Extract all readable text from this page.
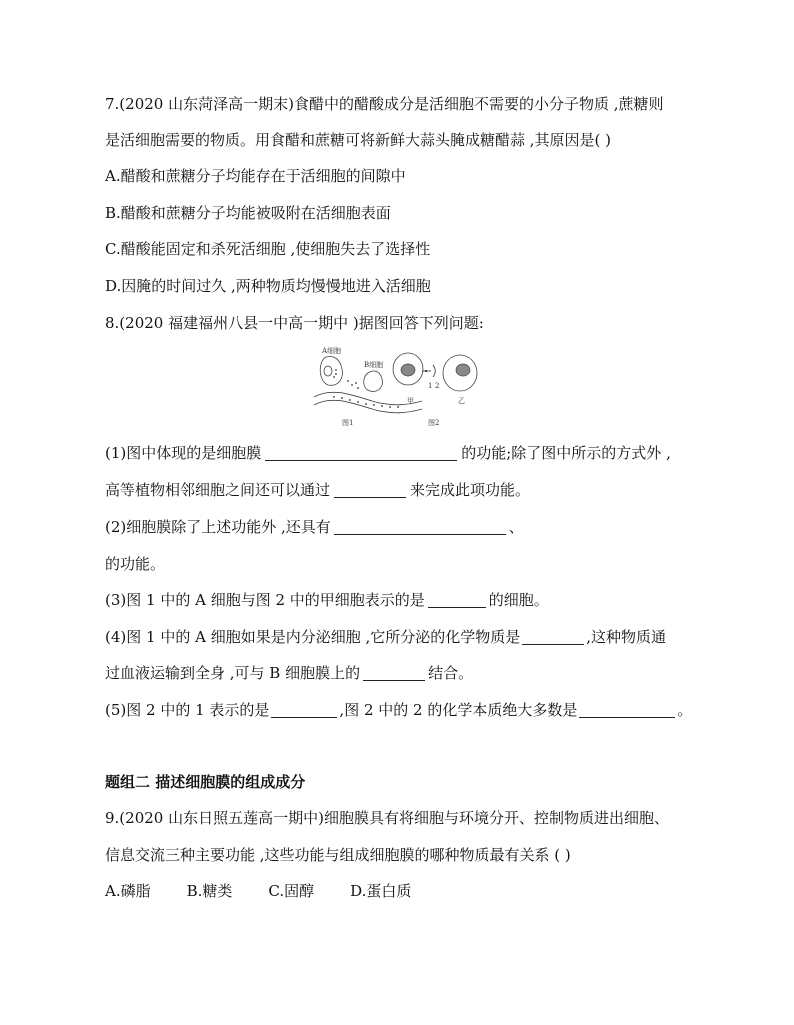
7.(2020 山东菏泽高一期末)食醋中的醋酸成分是活细胞不需要的小分子物质 ,蔗糖则
是活细胞需要的物质。用食醋和蔗糖可将新鲜大蒜头腌成糖醋蒜 ,其原因是( )
A.醋酸和蔗糖分子均能存在于活细胞的间隙中
B.醋酸和蔗糖分子均能被吸附在活细胞表面
C.醋酸能固定和杀死活细胞 ,使细胞失去了选择性
D.因腌的时间过久 ,两种物质均慢慢地进入活细胞
8.(2020 福建福州八县一中高一期中 )据图回答下列问题:
A细胞
B细胞
图1
1 2
甲	乙
图2
(1)图中体现的是细胞膜	的功能;除了图中所示的方式外 ,
高等植物相邻细胞之间还可以通过	来完成此项功能。
(2)细胞膜除了上述功能外 ,还具有	、
的功能。
(3)图 1 中的 A 细胞与图 2 中的甲细胞表示的是	的细胞。
(4)图 1 中的 A 细胞如果是内分泌细胞 ,它所分泌的化学物质是	,这种物质通
过血液运输到全身 ,可与 B 细胞膜上的	结合。
(5)图 2 中的 1 表示的是	,图 2 中的 2 的化学本质绝大多数是	。
题组二 描述细胞膜的组成成分
9.(2020 山东日照五莲高一期中)细胞膜具有将细胞与环境分开、控制物质进出细胞、
信息交流三种主要功能 ,这些功能与组成细胞膜的哪种物质最有关系 ( )
A.磷脂 B.糖类 C.固醇 D.蛋白质
